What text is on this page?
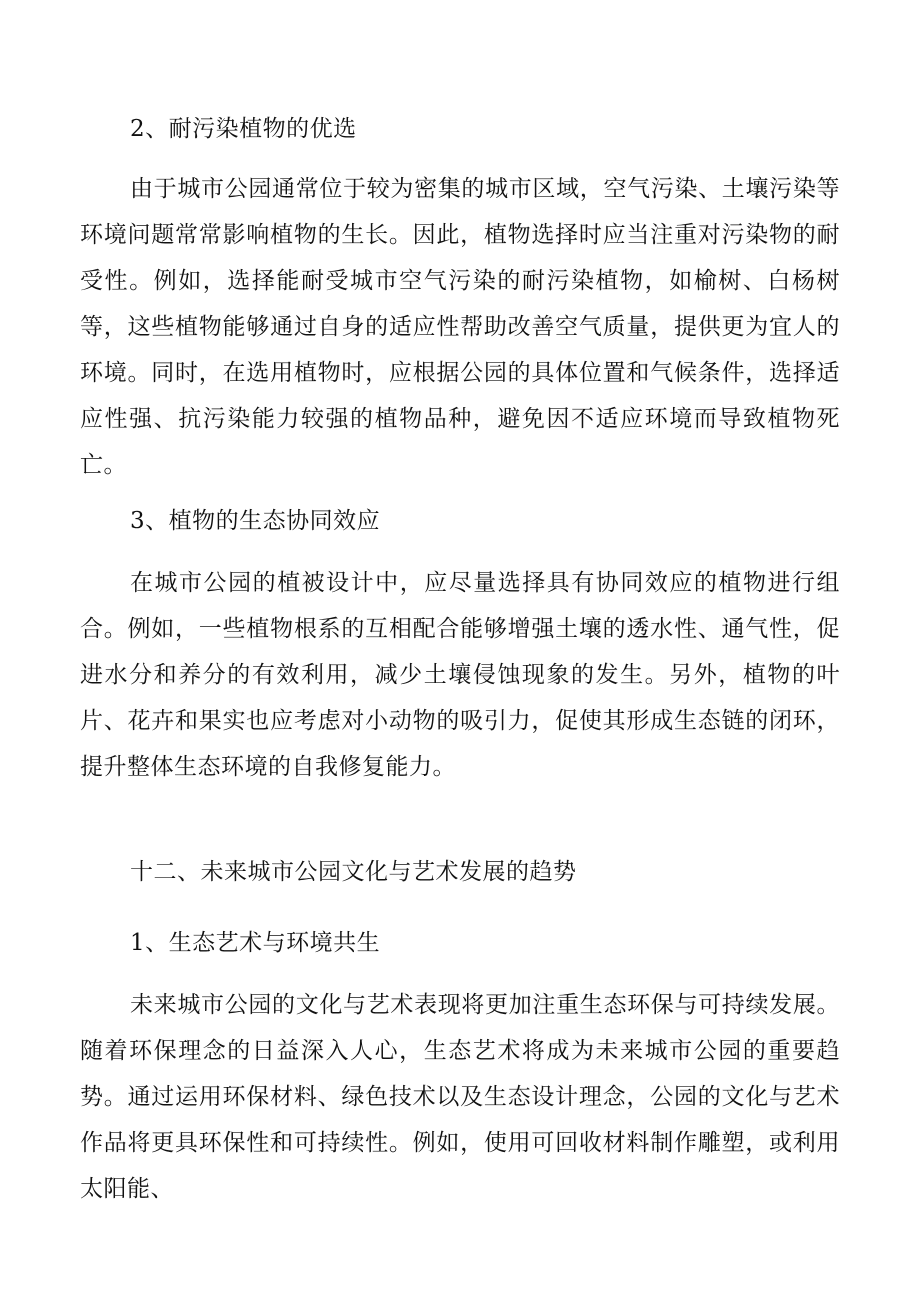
2、耐污染植物的优选

由于城市公园通常位于较为密集的城市区域，空气污染、土壤污染等环境问题常常影响植物的生长。因此，植物选择时应当注重对污染物的耐受性。例如，选择能耐受城市空气污染的耐污染植物，如榆树、白杨树等，这些植物能够通过自身的适应性帮助改善空气质量，提供更为宜人的环境。同时，在选用植物时，应根据公园的具体位置和气候条件，选择适应性强、抗污染能力较强的植物品种，避免因不适应环境而导致植物死亡。

3、植物的生态协同效应

在城市公园的植被设计中，应尽量选择具有协同效应的植物进行组合。例如，一些植物根系的互相配合能够增强土壤的透水性、通气性，促进水分和养分的有效利用，减少土壤侵蚀现象的发生。另外，植物的叶片、花卉和果实也应考虑对小动物的吸引力，促使其形成生态链的闭环，提升整体生态环境的自我修复能力。

十二、未来城市公园文化与艺术发展的趋势

1、生态艺术与环境共生

未来城市公园的文化与艺术表现将更加注重生态环保与可持续发展。随着环保理念的日益深入人心，生态艺术将成为未来城市公园的重要趋势。通过运用环保材料、绿色技术以及生态设计理念，公园的文化与艺术作品将更具环保性和可持续性。例如，使用可回收材料制作雕塑，或利用太阳能、
